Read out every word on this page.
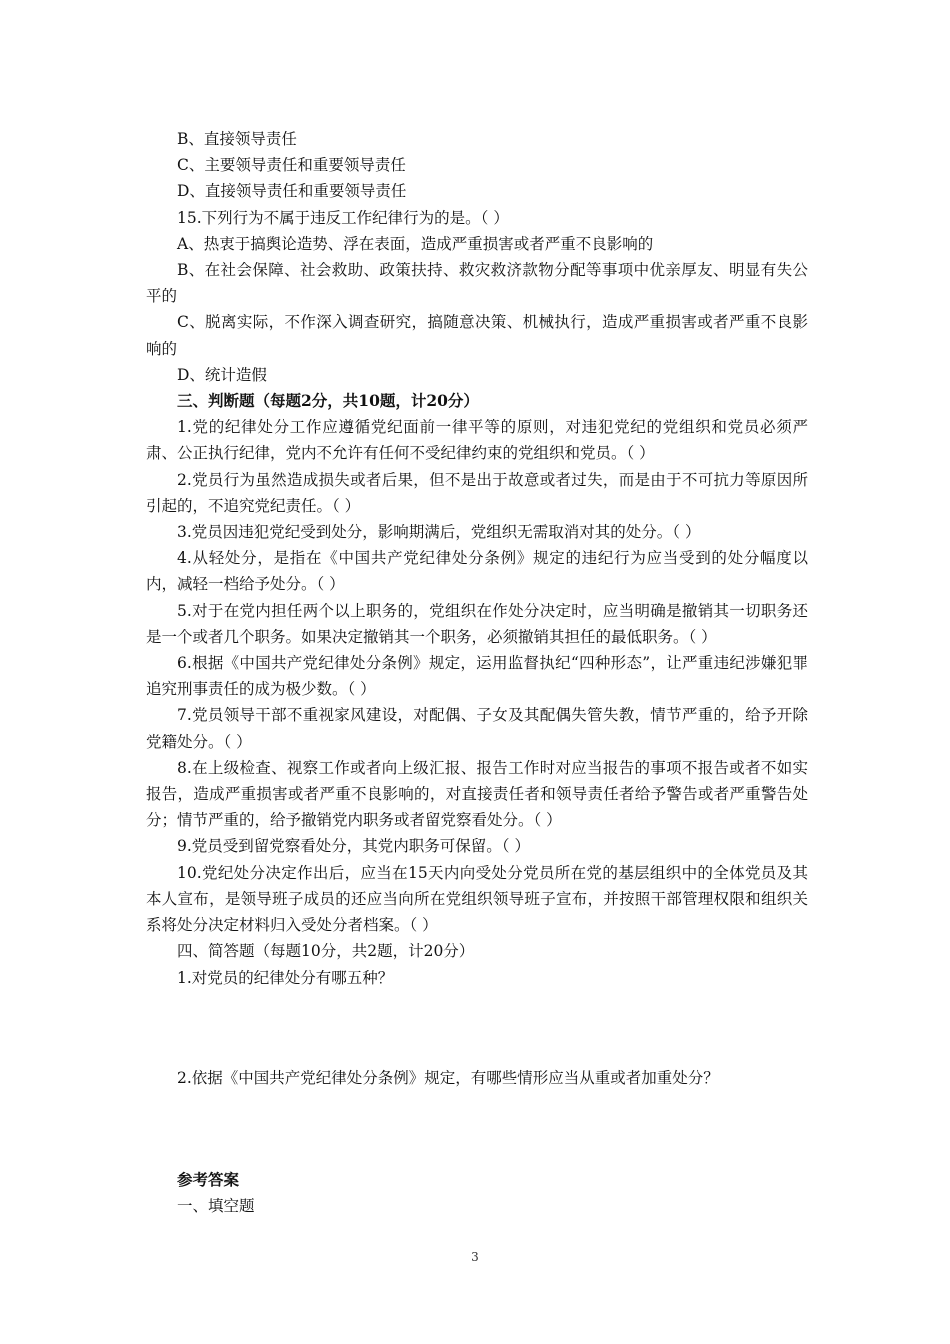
B、直接领导责任

C、主要领导责任和重要领导责任

D、直接领导责任和重要领导责任

15.下列行为不属于违反工作纪律行为的是。（ ）

A、热衷于搞舆论造势、浮在表面，造成严重损害或者严重不良影响的

B、在社会保障、社会救助、政策扶持、救灾救济款物分配等事项中优亲厚友、明显有失公平的

C、脱离实际，不作深入调查研究，搞随意决策、机械执行，造成严重损害或者严重不良影响的

D、统计造假

三、判断题（每题2分，共10题，计20分）

1.党的纪律处分工作应遵循党纪面前一律平等的原则，对违犯党纪的党组织和党员必须严肃、公正执行纪律，党内不允许有任何不受纪律约束的党组织和党员。（ ）

2.党员行为虽然造成损失或者后果，但不是出于故意或者过失，而是由于不可抗力等原因所引起的，不追究党纪责任。（ ）

3.党员因违犯党纪受到处分，影响期满后，党组织无需取消对其的处分。（ ）

4.从轻处分，是指在《中国共产党纪律处分条例》规定的违纪行为应当受到的处分幅度以内，减轻一档给予处分。（ ）

5.对于在党内担任两个以上职务的，党组织在作处分决定时，应当明确是撤销其一切职务还是一个或者几个职务。如果决定撤销其一个职务，必须撤销其担任的最低职务。（ ）

6.根据《中国共产党纪律处分条例》规定，运用监督执纪“四种形态”，让严重违纪涉嫌犯罪追究刑事责任的成为极少数。（ ）

7.党员领导干部不重视家风建设，对配偶、子女及其配偶失管失教，情节严重的，给予开除党籍处分。（ ）

8.在上级检查、视察工作或者向上级汇报、报告工作时对应当报告的事项不报告或者不如实报告，造成严重损害或者严重不良影响的，对直接责任者和领导责任者给予警告或者严重警告处分；情节严重的，给予撤销党内职务或者留党察看处分。（ ）

9.党员受到留党察看处分，其党内职务可保留。（ ）

10.党纪处分决定作出后，应当在15天内向受处分党员所在党的基层组织中的全体党员及其本人宣布，是领导班子成员的还应当向所在党组织领导班子宣布，并按照干部管理权限和组织关系将处分决定材料归入受处分者档案。（ ）

四、简答题（每题10分，共2题，计20分）

1.对党员的纪律处分有哪五种？

2.依据《中国共产党纪律处分条例》规定，有哪些情形应当从重或者加重处分？

参考答案

一、填空题

3
